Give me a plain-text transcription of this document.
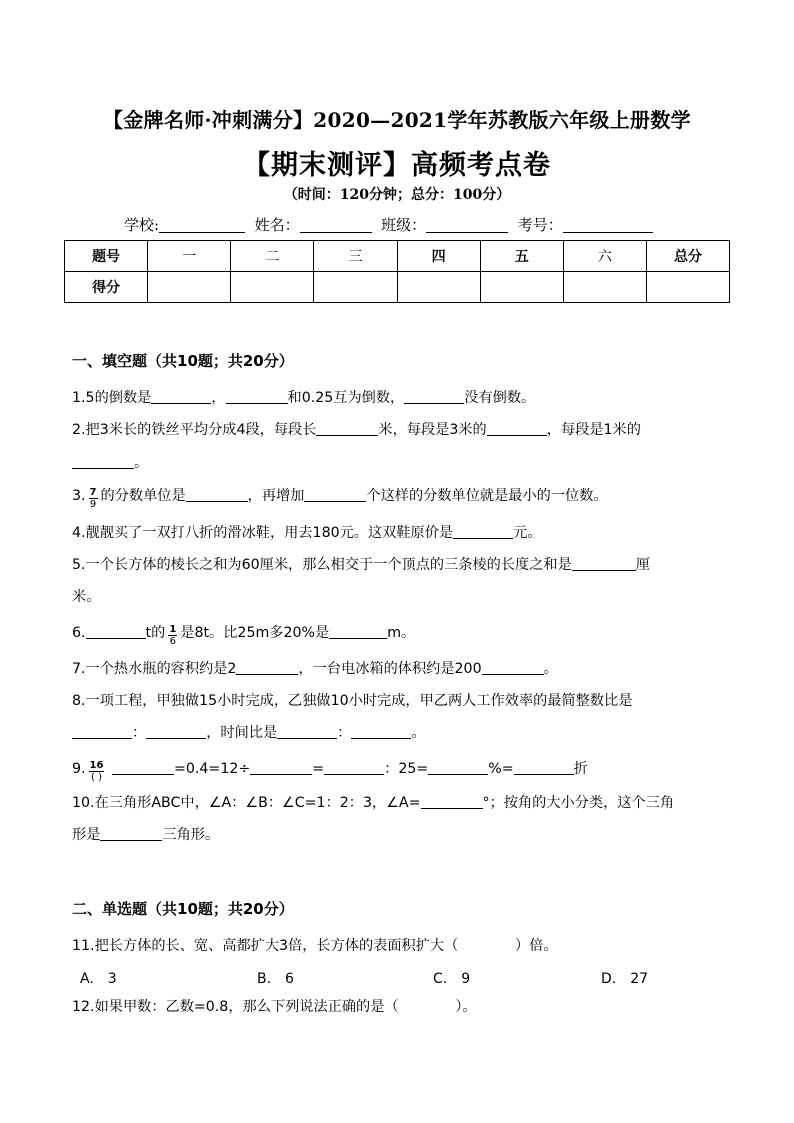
【金牌名师·冲刺满分】2020—2021学年苏教版六年级上册数学
【期末测评】高频考点卷
（时间：120分钟；总分：100分）
学校:	姓名：	班级：	考号：
题号	一	二	三	四	五	六	总分
得分							
一、填空题（共10题；共20分）
1.5的倒数是	，	和0.25互为倒数，	没有倒数。
2.把3米长的铁丝平均分成4段，每段长	米，每段是3米的	，每段是1米的
。
3. $\frac{7}{9}$ 的分数单位是	，再增加	个这样的分数单位就是最小的一位数。
4.靓靓买了一双打八折的滑冰鞋，用去180元。这双鞋原价是	元。
5.一个长方体的棱长之和为60厘米，那么相交于一个顶点的三条棱的长度之和是	厘
米。
6.	t的 $\frac{1}{6}$ 是8t。比25m多20%是	m。
7.一个热水瓶的容积约是2	，一台电冰箱的体积约是200	。
8.一项工程，甲独做15小时完成，乙独做10小时完成，甲乙两人工作效率的最简整数比是
：	，时间比是	：	。
9. $\frac{16}{( )}$	=0.4=12÷	=	：25=	%=	折
10.在三角形ABC中，∠A：∠B：∠C=1：2：3，∠A=	°；按角的大小分类，这个三角
形是	三角形。
二、单选题（共10题；共20分）
11.把长方体的长、宽、高都扩大3倍，长方体的表面积扩大（　　　　）倍。
A.　3	B.　6	C.　9	D.　27
12.如果甲数：乙数=0.8，那么下列说法正确的是（　　　　）。
